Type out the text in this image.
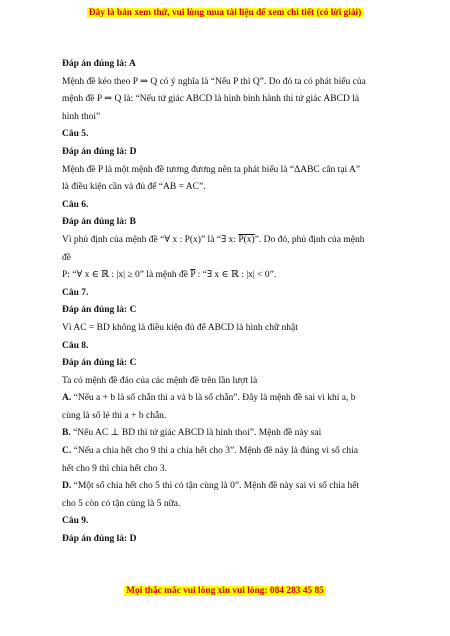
Đây là bản xem thử, vui lòng mua tài liệu để xem chi tiết (có lời giải)
Đáp án đúng là: A
Mệnh đề kéo theo P ⇒ Q có ý nghĩa là “Nếu P thì Q”. Do đó ta có phát biểu của
mệnh đề P ⇒ Q là: “Nếu tứ giác ABCD là hình bình hành thì tứ giác ABCD là
hình thoi”
Câu 5.
Đáp án đúng là: D
Mệnh đề P là một mệnh đề tương đương nên ta phát biểu là “ΔABC cân tại A”
là điều kiện cần và đủ để “AB = AC”.
Câu 6.
Đáp án đúng là: B
Vì phủ định của mệnh đề “∀ x : P(x)” là “∃ x: P(x)”. Do đó, phủ định của mệnh
đề
P: “∀ x ∈ ℝ : |x| ≥ 0” là mệnh đề $\overline{P}$ : “∃ x ∈ ℝ : |x| < 0”.
Câu 7.
Đáp án đúng là: C
Vì AC = BD không là điều kiện đủ để ABCD là hình chữ nhật
Câu 8.
Đáp án đúng là: C
Ta có mệnh đề đảo của các mệnh đề trên lần lượt là
A. “Nếu a + b là số chẵn thì a và b là số chẵn”. Đây là mệnh đề sai vì khi a, b
cùng là số lẻ thì a + b chẵn.
B. “Nếu AC ⊥ BD thì tứ giác ABCD là hình thoi”. Mệnh đề này sai
C. “Nếu a chia hết cho 9 thì a chia hết cho 3”. Mệnh đề này là đúng vì số chia
hết cho 9 thì chia hết cho 3.
D. “Một số chia hết cho 5 thì có tận cùng là 0”. Mệnh đề này sai vì số chia hết
cho 5 còn có tận cùng là 5 nữa.
Câu 9.
Đáp án đúng là: D
Mọi thắc mắc vui lòng xin vui lòng: 084 283 45 85
